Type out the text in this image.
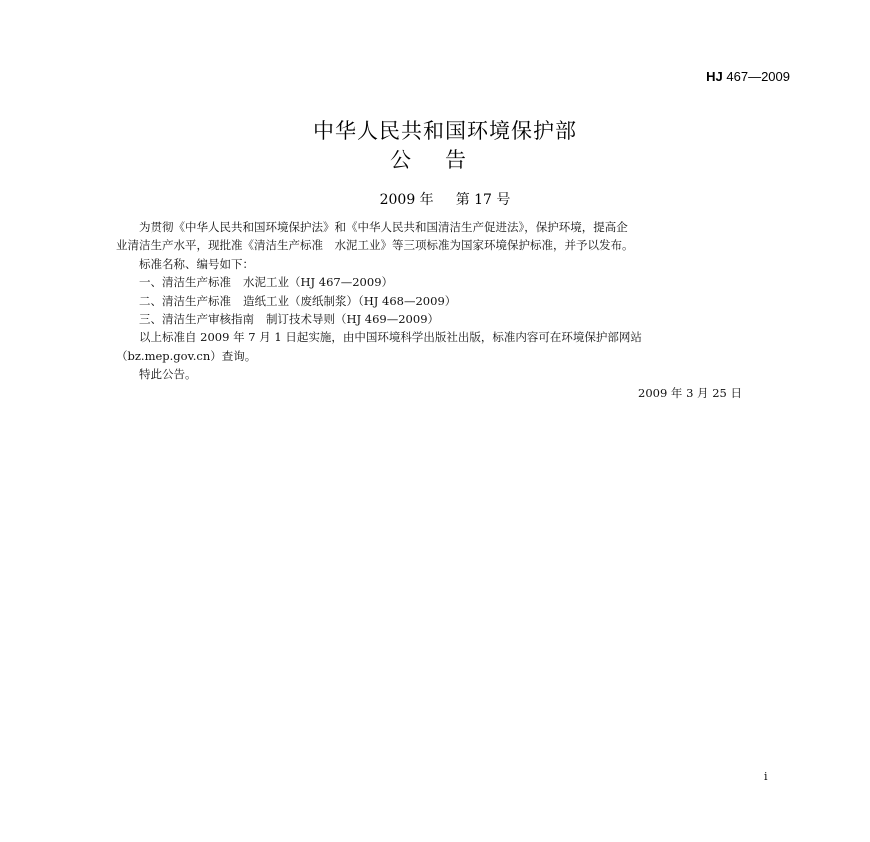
HJ 467—2009
中华人民共和国环境保护部
公告
2009 年 第 17 号

为贯彻《中华人民共和国环境保护法》和《中华人民共和国清洁生产促进法》，保护环境，提高企

业清洁生产水平，现批准《清洁生产标准　水泥工业》等三项标准为国家环境保护标准，并予以发布。

标准名称、编号如下：

一、清洁生产标准 水泥工业（HJ 467—2009）

二、清洁生产标准 造纸工业（废纸制浆）（HJ 468—2009）

三、清洁生产审核指南 制订技术导则（HJ 469—2009）

以上标准自 2009 年 7 月 1 日起实施，由中国环境科学出版社出版，标准内容可在环境保护部网站

（bz.mep.gov.cn）查询。

特此公告。

2009 年 3 月 25 日
i
